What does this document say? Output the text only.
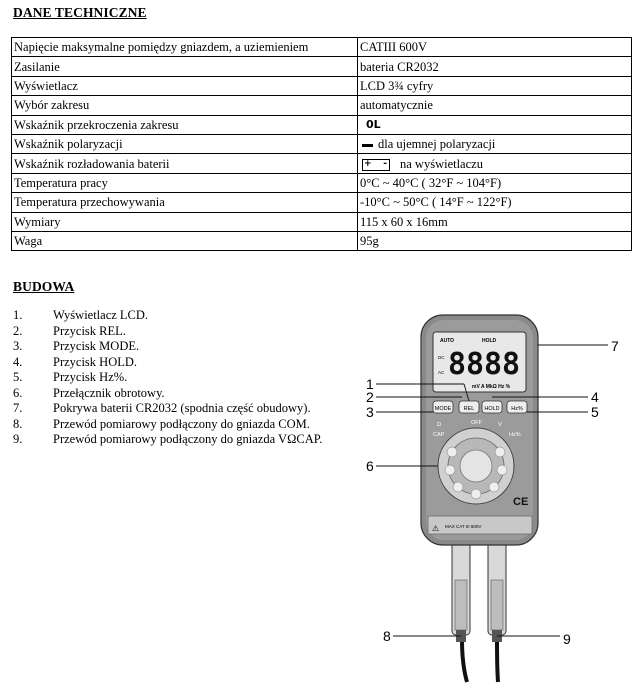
DANE TECHNICZNE
Napięcie maksymalne pomiędzy gniazdem, a uziemieniem	CATIII 600V
Zasilanie	bateria CR2032
Wyświetlacz	LCD 3¾ cyfry
Wybór zakresu	automatycznie
Wskaźnik przekroczenia zakresu	0L
Wskaźnik polaryzacji	dla ujemnej polaryzacji
Wskaźnik rozładowania baterii	+ - na wyświetlaczu
Temperatura pracy	0°C ~ 40°C ( 32°F ~ 104°F)
Temperatura przechowywania	-10°C ~ 50°C ( 14°F ~ 122°F)
Wymiary	115 x 60 x 16mm
Waga	95g
BUDOWA
1.	Wyświetlacz LCD.
2.	Przycisk REL.
3.	Przycisk MODE.
4.	Przycisk HOLD.
5.	Przycisk Hz%.
6.	Przełącznik obrotowy.
7.	Pokrywa baterii CR2032 (spodnia część obudowy).
8.	Przewód pomiarowy podłączony do gniazda COM.
9.	Przewód pomiarowy podłączony do gniazda VΩCAP.
AUTO	HOLD
DC
AC 8888
mV A MkΩ Hz %
MODE REL HOLD Hz%
Ω	OFF	V
CAP	Hz%
CE
MAX CAT III 600V
⚠
7
1
2
3
4
5
6
8	9
